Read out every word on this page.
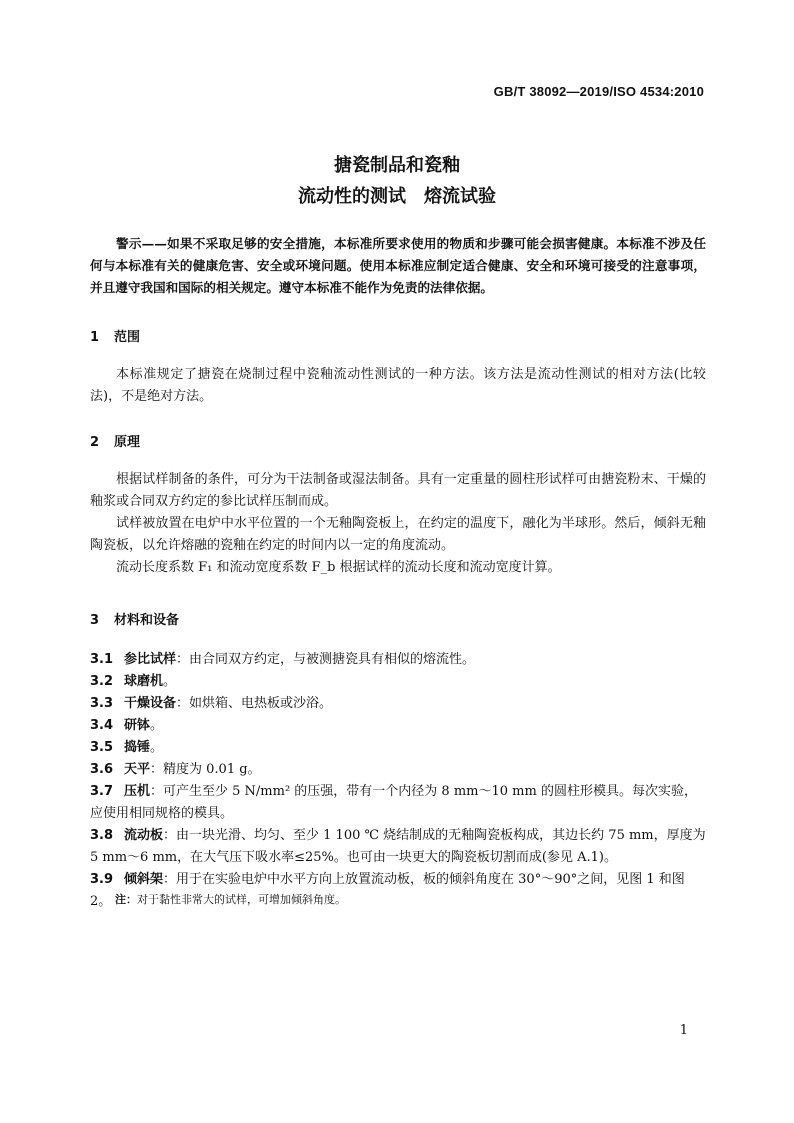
GB/T 38092—2019/ISO 4534:2010
搪瓷制品和瓷釉
流动性的测试　熔流试验

警示——如果不采取足够的安全措施，本标准所要求使用的物质和步骤可能会损害健康。本标准不涉及任何与本标准有关的健康危害、安全或环境问题。使用本标准应制定适合健康、安全和环境可接受的注意事项，并且遵守我国和国际的相关规定。遵守本标准不能作为免责的法律依据。

1 范围

本标准规定了搪瓷在烧制过程中瓷釉流动性测试的一种方法。该方法是流动性测试的相对方法(比较法)，不是绝对方法。

2 原理

根据试样制备的条件，可分为干法制备或湿法制备。具有一定重量的圆柱形试样可由搪瓷粉末、干燥的釉浆或合同双方约定的参比试样压制而成。

试样被放置在电炉中水平位置的一个无釉陶瓷板上，在约定的温度下，融化为半球形。然后，倾斜无釉陶瓷板，以允许熔融的瓷釉在约定的时间内以一定的角度流动。

流动长度系数 F₁ 和流动宽度系数 F_b 根据试样的流动长度和流动宽度计算。

3 材料和设备
3.1 参比试样：由合同双方约定，与被测搪瓷具有相似的熔流性。
3.2 球磨机。
3.3 干燥设备：如烘箱、电热板或沙浴。
3.4 研钵。
3.5 捣锤。
3.6 天平：精度为 0.01 g。
3.7 压机：可产生至少 5 N/mm² 的压强，带有一个内径为 8 mm～10 mm 的圆柱形模具。每次实验，应使用相同规格的模具。
3.8 流动板：由一块光滑、均匀、至少 1 100 ℃ 烧结制成的无釉陶瓷板构成，其边长约 75 mm，厚度为 5 mm～6 mm，在大气压下吸水率≤25%。也可由一块更大的陶瓷板切割而成(参见 A.1)。
3.9 倾斜架：用于在实验电炉中水平方向上放置流动板，板的倾斜角度在 30°～90°之间，见图 1 和图 2。 注：对于黏性非常大的试样，可增加倾斜角度。
1
